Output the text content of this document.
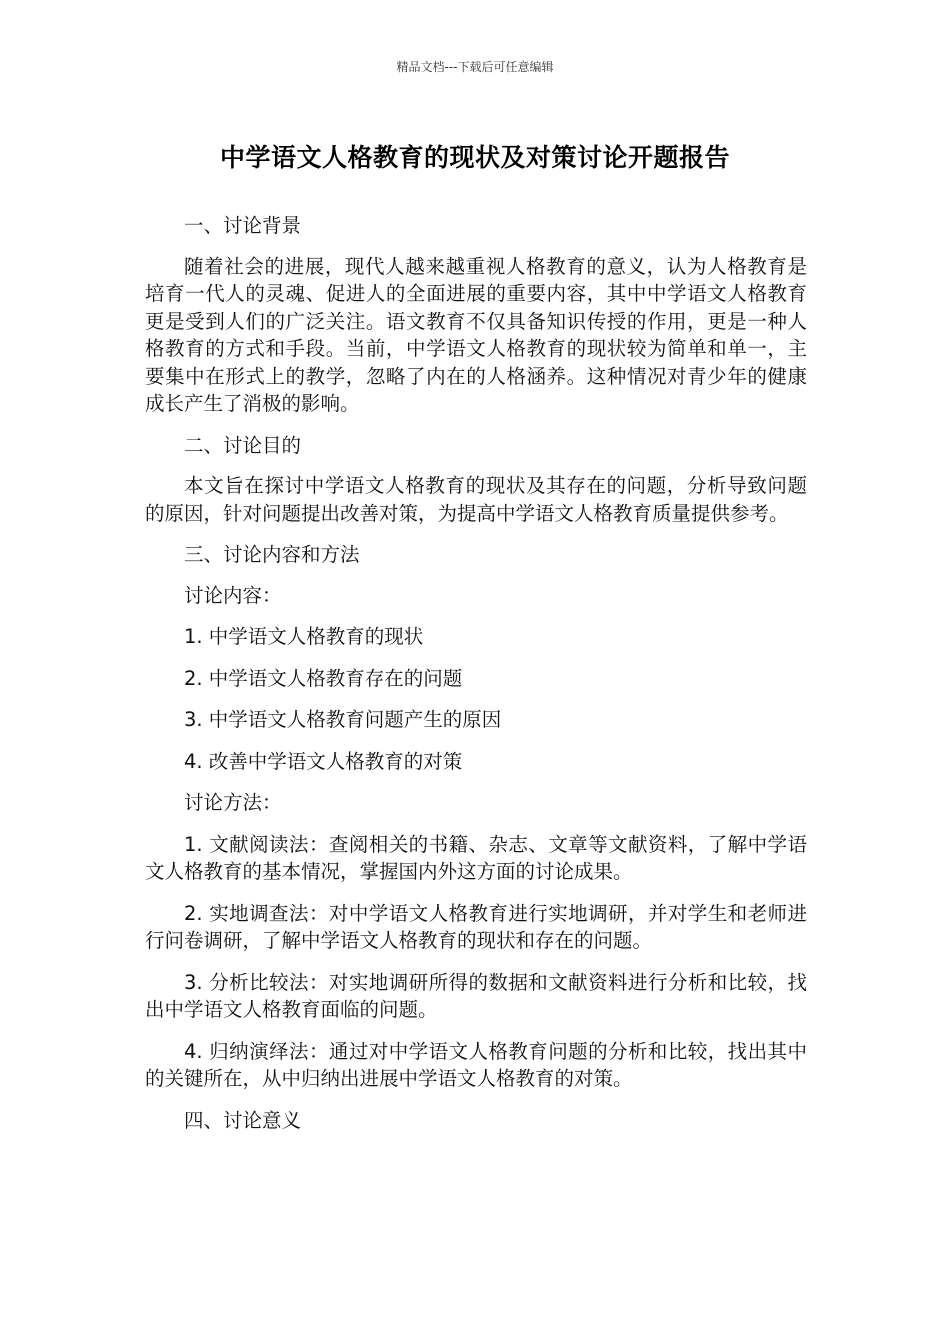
精品文档---下载后可任意编辑
中学语文人格教育的现状及对策讨论开题报告

一、讨论背景

随着社会的进展，现代人越来越重视人格教育的意义，认为人格教育是培育一代人的灵魂、促进人的全面进展的重要内容，其中中学语文人格教育更是受到人们的广泛关注。语文教育不仅具备知识传授的作用，更是一种人格教育的方式和手段。当前，中学语文人格教育的现状较为简单和单一，主要集中在形式上的教学，忽略了内在的人格涵养。这种情况对青少年的健康成长产生了消极的影响。

二、讨论目的

本文旨在探讨中学语文人格教育的现状及其存在的问题，分析导致问题的原因，针对问题提出改善对策，为提高中学语文人格教育质量提供参考。

三、讨论内容和方法

讨论内容：

1. 中学语文人格教育的现状

2. 中学语文人格教育存在的问题

3. 中学语文人格教育问题产生的原因

4. 改善中学语文人格教育的对策

讨论方法：

1. 文献阅读法：查阅相关的书籍、杂志、文章等文献资料，了解中学语文人格教育的基本情况，掌握国内外这方面的讨论成果。

2. 实地调查法：对中学语文人格教育进行实地调研，并对学生和老师进行问卷调研，了解中学语文人格教育的现状和存在的问题。

3. 分析比较法：对实地调研所得的数据和文献资料进行分析和比较，找出中学语文人格教育面临的问题。

4. 归纳演绎法：通过对中学语文人格教育问题的分析和比较，找出其中的关键所在，从中归纳出进展中学语文人格教育的对策。

四、讨论意义
